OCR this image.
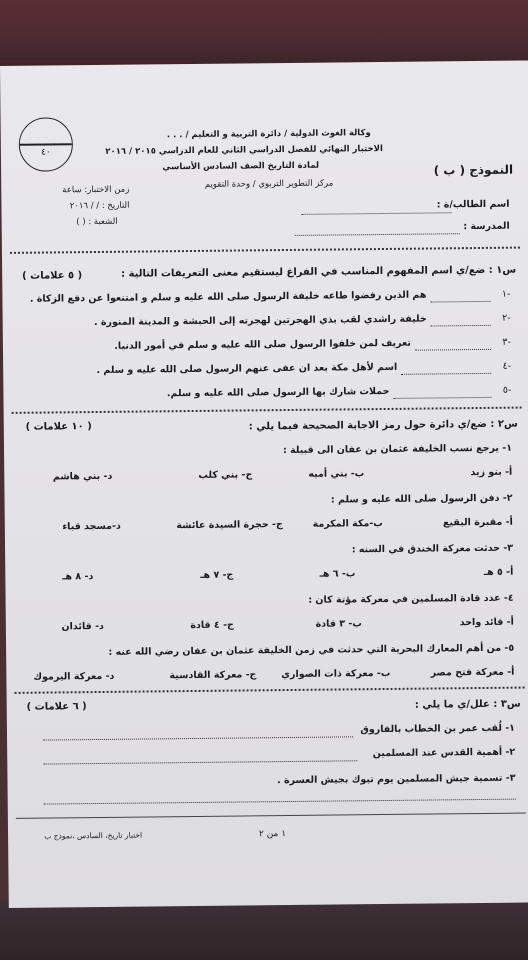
٤٠
وكالة الغوث الدولية / دائرة التربية و التعليم / . . .
الاختبار النهائي للفصل الدراسي الثاني للعام الدراسي ٢٠١٥ / ٢٠١٦
لمادة التاريخ الصف السادس الأساسي	النموذج ( ب )
مركز التطوير التربوي / وحدة التقويم
زمن الاختبار: ساعة
اسم الطالب/ة :
التاريخ : / / ٢٠١٦
المدرسة :
الشعبة : ( )
س١ : ضع/ي اسم المفهوم المناسب في الفراغ ليستقيم معنى التعريفات التالية :
( ٥ علامات )
-١
هم الذين رفضوا طاعه خليفة الرسول صلى الله عليه و سلم و امتنعوا عن دفع الزكاة .
-٢
خليفة راشدي لقب بذي الهجرتين لهجرته إلى الحبشة و المدينة المنورة .
-٣
تعريف لمن خلفوا الرسول صلى الله عليه و سلم في أمور الدنيا.
-٤
اسم لأهل مكة بعد ان عفى عنهم الرسول صلى الله عليه و سلم .
-٥
حملات شارك بها الرسول صلى الله عليه و سلم.
س٢ : ضع/ي دائرة حول رمز الاجابة الصحيحة فيما يلي :
( ١٠ علامات )
١- يرجع نسب الخليفة عثمان بن عفان الى قبيلة :
أ- بنو زيد
ب- بني أميه
ج- بني كلب
د- بني هاشم
٢- دفن الرسول صلى الله عليه و سلم :
أ- مقبرة البقيع
ب-مكة المكرمة
ج- حجرة السيدة عائشة
د-مسجد قباء
٣- حدثت معركة الخندق في السنه :
أ- ٥ هـ
ب- ٦ هـ
ج- ٧ هـ
د- ٨ هـ
٤- عدد قادة المسلمين في معركة مؤتة كان :
أ- قائد واحد
ب- ٣ قادة
ج- ٤ قادة
د- قائدان
٥- من أهم المعارك البحرية التي حدثت في زمن الخليفة عثمان بن عفان رضي الله عنه :
أ- معركة فتح مصر
ب- معركة ذات الصواري
ج- معركة القادسية
د- معركة اليرموك
س٣ : علل/ي ما يلي :
( ٦ علامات )
١- لُقب عمر بن الخطاب بالفاروق
٢- أهمية القدس عند المسلمين
٣- تسمية جيش المسلمين يوم تبوك بجيش العسرة .
١ من ٢
اختبار تاريخ، السادس ،نموذج ب
